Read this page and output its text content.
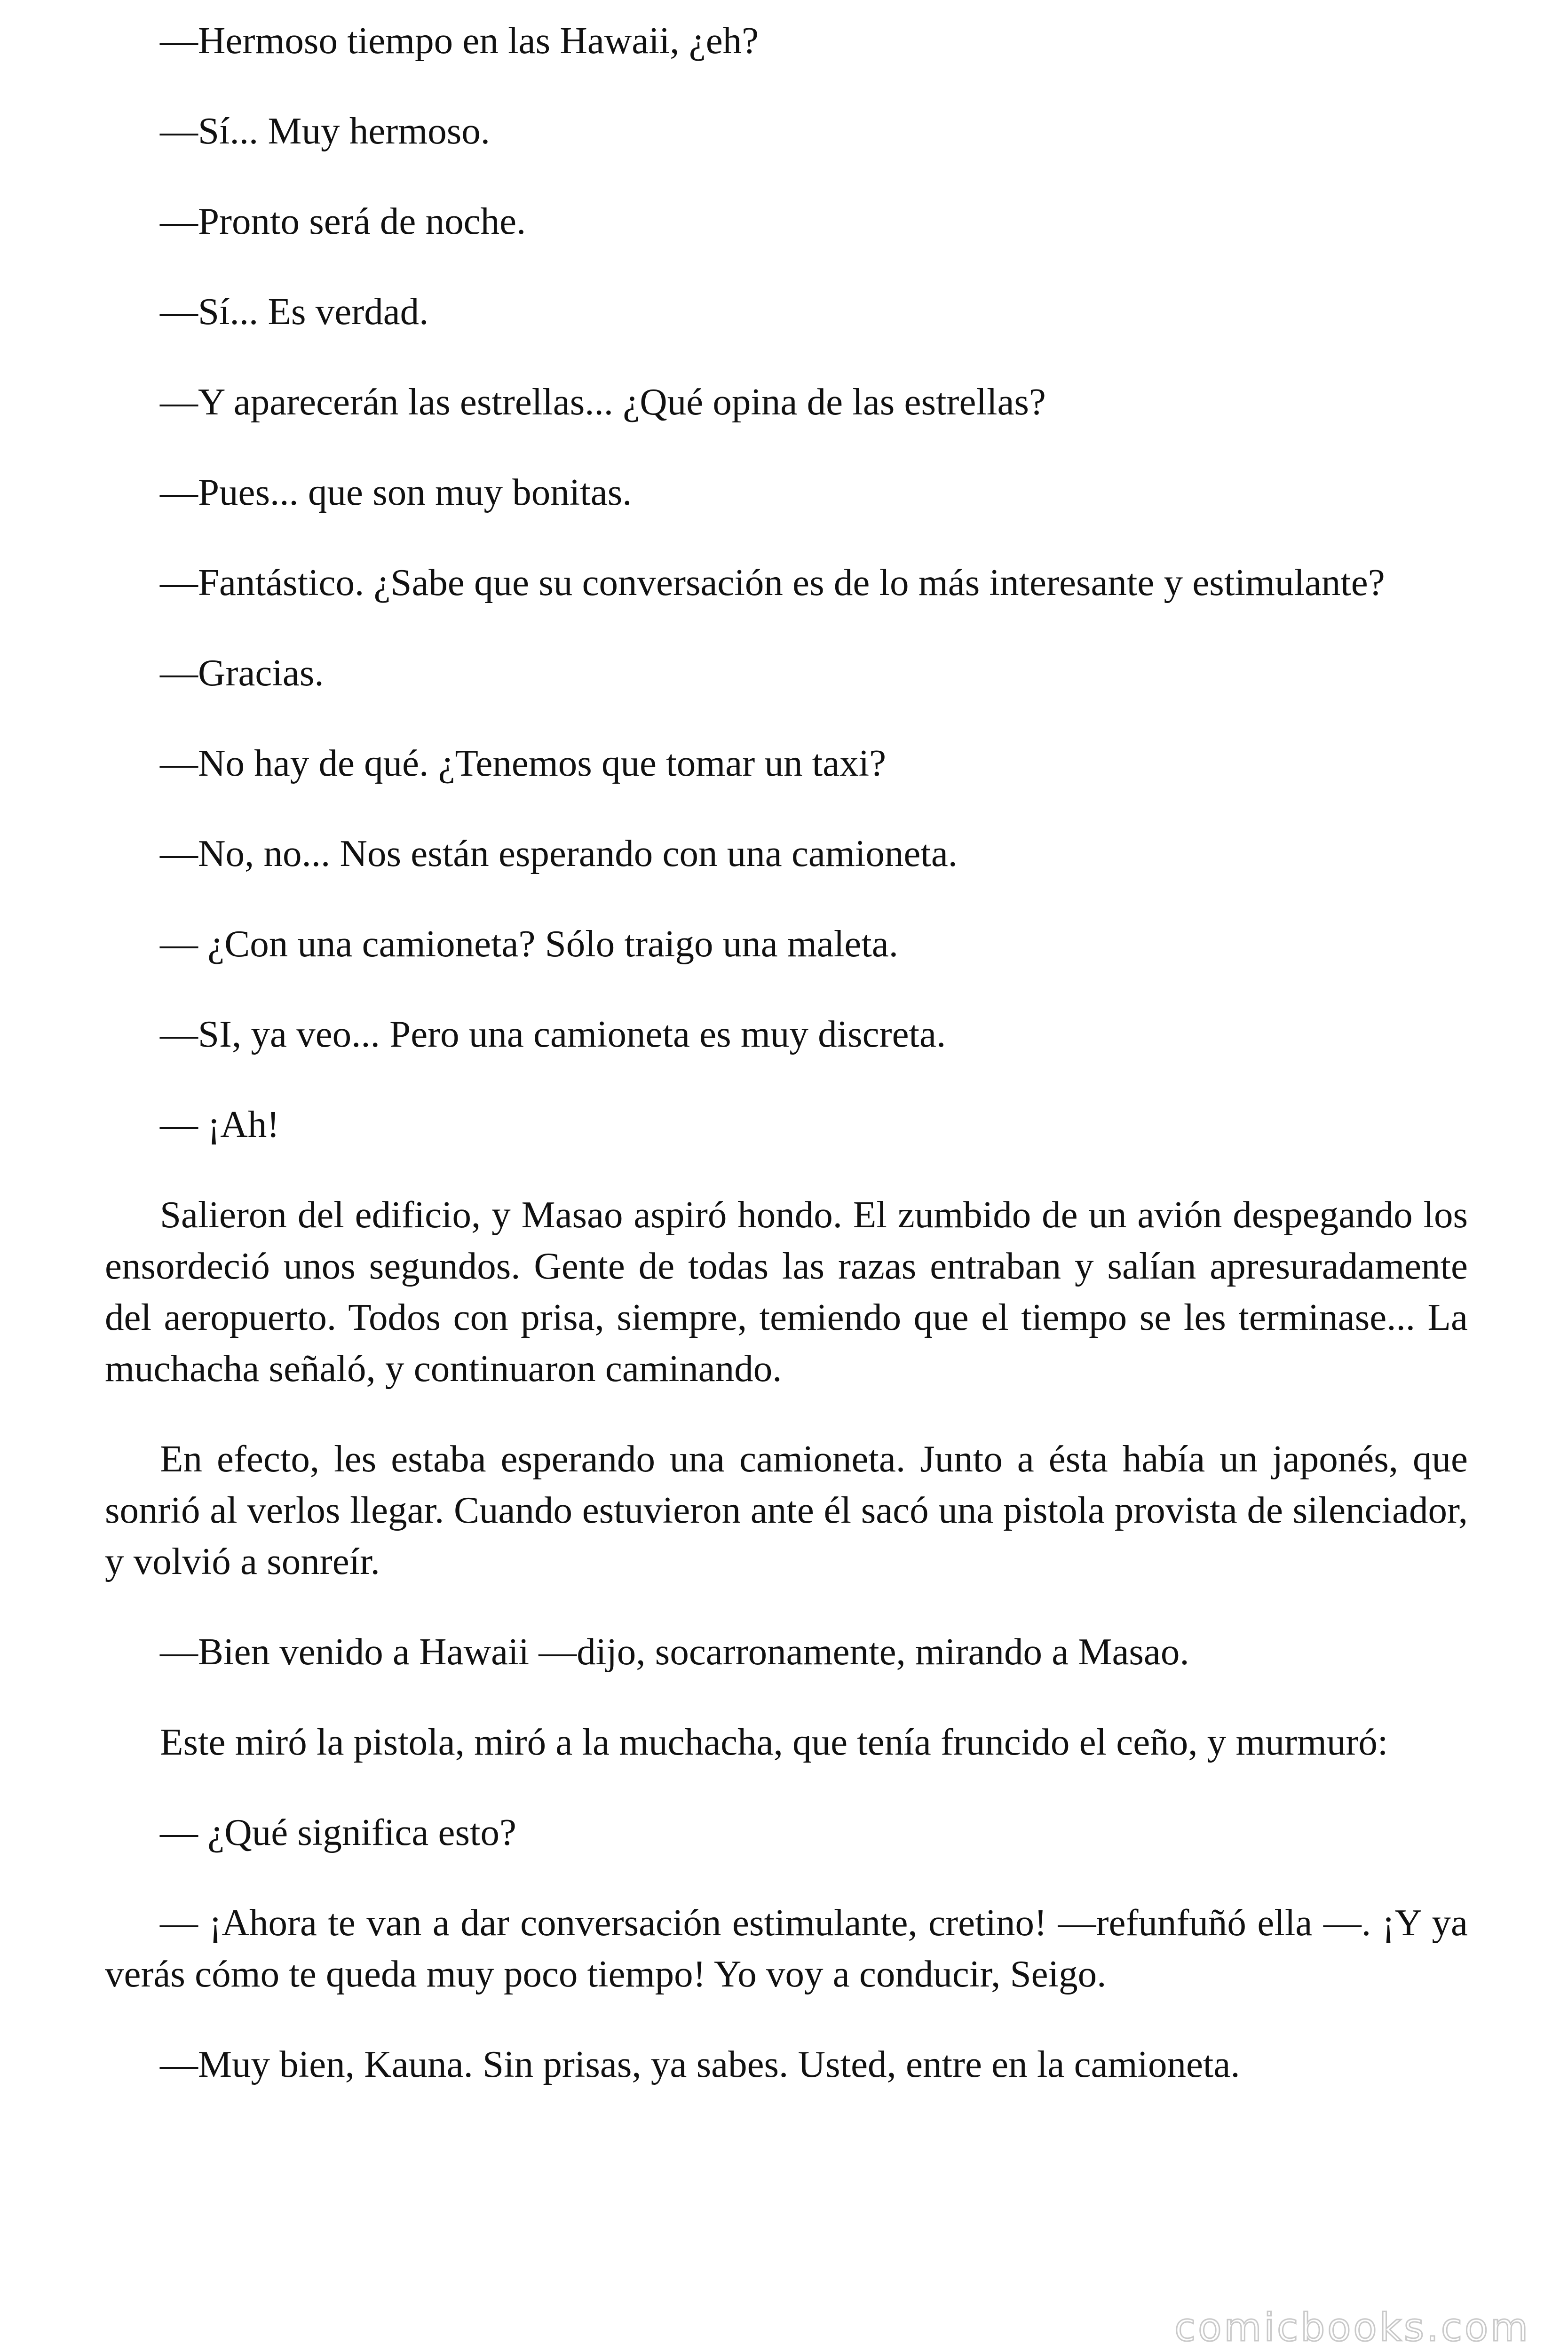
—Hermoso tiempo en las Hawaii, ¿eh?

—Sí... Muy hermoso.

—Pronto será de noche.

—Sí... Es verdad.

—Y aparecerán las estrellas... ¿Qué opina de las estrellas?

—Pues... que son muy bonitas.

—Fantástico. ¿Sabe que su conversación es de lo más interesante y estimulante?

—Gracias.

—No hay de qué. ¿Tenemos que tomar un taxi?

—No, no... Nos están esperando con una camioneta.

— ¿Con una camioneta? Sólo traigo una maleta.

—SI, ya veo... Pero una camioneta es muy discreta.

— ¡Ah!

Salieron del edificio, y Masao aspiró hondo. El zumbido de un avión despegando los ensordeció unos segundos. Gente de todas las razas entraban y salían apresuradamente del aeropuerto. Todos con prisa, siempre, temiendo que el tiempo se les terminase... La muchacha señaló, y continuaron caminando.

En efecto, les estaba esperando una camioneta. Junto a ésta había un japonés, que sonrió al verlos llegar. Cuando estuvieron ante él sacó una pistola provista de silenciador, y volvió a sonreír.

—Bien venido a Hawaii —dijo, socarronamente, mirando a Masao.

Este miró la pistola, miró a la muchacha, que tenía fruncido el ceño, y murmuró:

— ¿Qué significa esto?

— ¡Ahora te van a dar conversación estimulante, cretino! —refunfuñó ella —. ¡Y ya verás cómo te queda muy poco tiempo! Yo voy a conducir, Seigo.

—Muy bien, Kauna. Sin prisas, ya sabes. Usted, entre en la camioneta.

comicbooks.com
